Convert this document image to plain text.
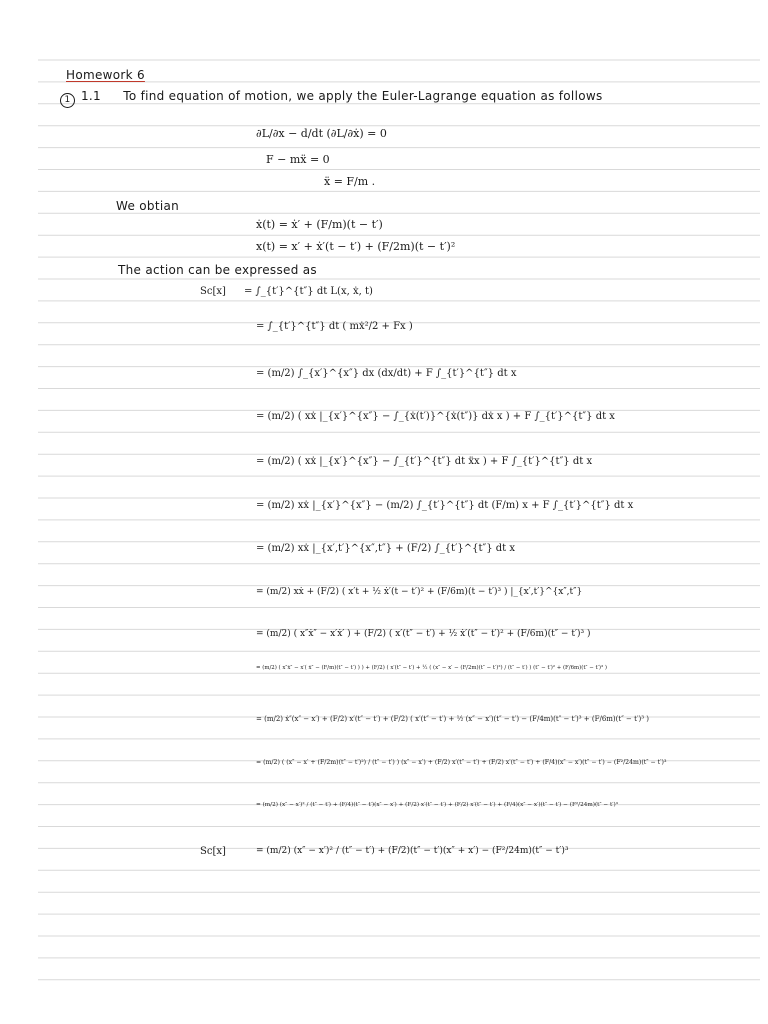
Homework 6
1 1.1 To find equation of motion, we apply the Euler-Lagrange equation as follows
∂L/∂x − d/dt (∂L/∂ẋ) = 0
F − mẍ = 0
ẍ = F/m .
We obtian
ẋ(t) = ẋ′ + (F/m)(t − t′)
x(t) = x′ + ẋ′(t − t′) + (F/2m)(t − t′)²
The action can be expressed as
Sc[x] = ∫_{t′}^{t″} dt L(x, ẋ, t)
= ∫_{t′}^{t″} dt ( mẋ²/2 + Fx )
= (m/2) ∫_{x′}^{x″} dx (dx/dt) + F ∫_{t′}^{t″} dt x
= (m/2) ( xẋ |_{x′}^{x″} − ∫_{ẋ(t′)}^{ẋ(t″)} dẋ x ) + F ∫_{t′}^{t″} dt x
= (m/2) ( xẋ |_{x′}^{x″} − ∫_{t′}^{t″} dt ẍx ) + F ∫_{t′}^{t″} dt x
= (m/2) xẋ |_{x′}^{x″} − (m/2) ∫_{t′}^{t″} dt (F/m) x + F ∫_{t′}^{t″} dt x
= (m/2) xẋ |_{x′,t′}^{x″,t″} + (F/2) ∫_{t′}^{t″} dt x
= (m/2) xẋ + (F/2) ( x′t + ½ ẋ′(t − t′)² + (F/6m)(t − t′)³ ) |_{x′,t′}^{x″,t″}
= (m/2) ( x″ẋ″ − x′ẋ′ ) + (F/2) ( x′(t″ − t′) + ½ ẋ′(t″ − t′)² + (F/6m)(t″ − t′)³ )
= (m/2) ( x″ẋ″ − x′( ẋ″ − (F/m)(t″ − t′) ) ) + (F/2) ( x′(t″ − t′) + ½ ( (x″ − x′ − (F/2m)(t″ − t′)²) / (t″ − t′) ) (t″ − t′)² + (F/6m)(t″ − t′)³ )
= (m/2) ẋ″(x″ − x′) + (F/2) x′(t″ − t′) + (F/2) ( x′(t″ − t′) + ½ (x″ − x′)(t″ − t′) − (F/4m)(t″ − t′)³ + (F/6m)(t″ − t′)³ )
= (m/2) ( (x″ − x′ + (F/2m)(t″ − t′)²) / (t″ − t′) ) (x″ − x′) + (F/2) x′(t″ − t′) + (F/2) x′(t″ − t′) + (F/4)(x″ − x′)(t″ − t′) − (F²/24m)(t″ − t′)³
= (m/2) (x″ − x′)² / (t″ − t′) + (F/4)(t″ − t′)(x″ − x′) + (F/2) x′(t″ − t′) + (F/2) x′(t″ − t′) + (F/4)(x″ − x′)(t″ − t′) − (F²/24m)(t″ − t′)³
Sc[x]	= (m/2) (x″ − x′)² / (t″ − t′) + (F/2)(t″ − t′)(x″ + x′) − (F²/24m)(t″ − t′)³
